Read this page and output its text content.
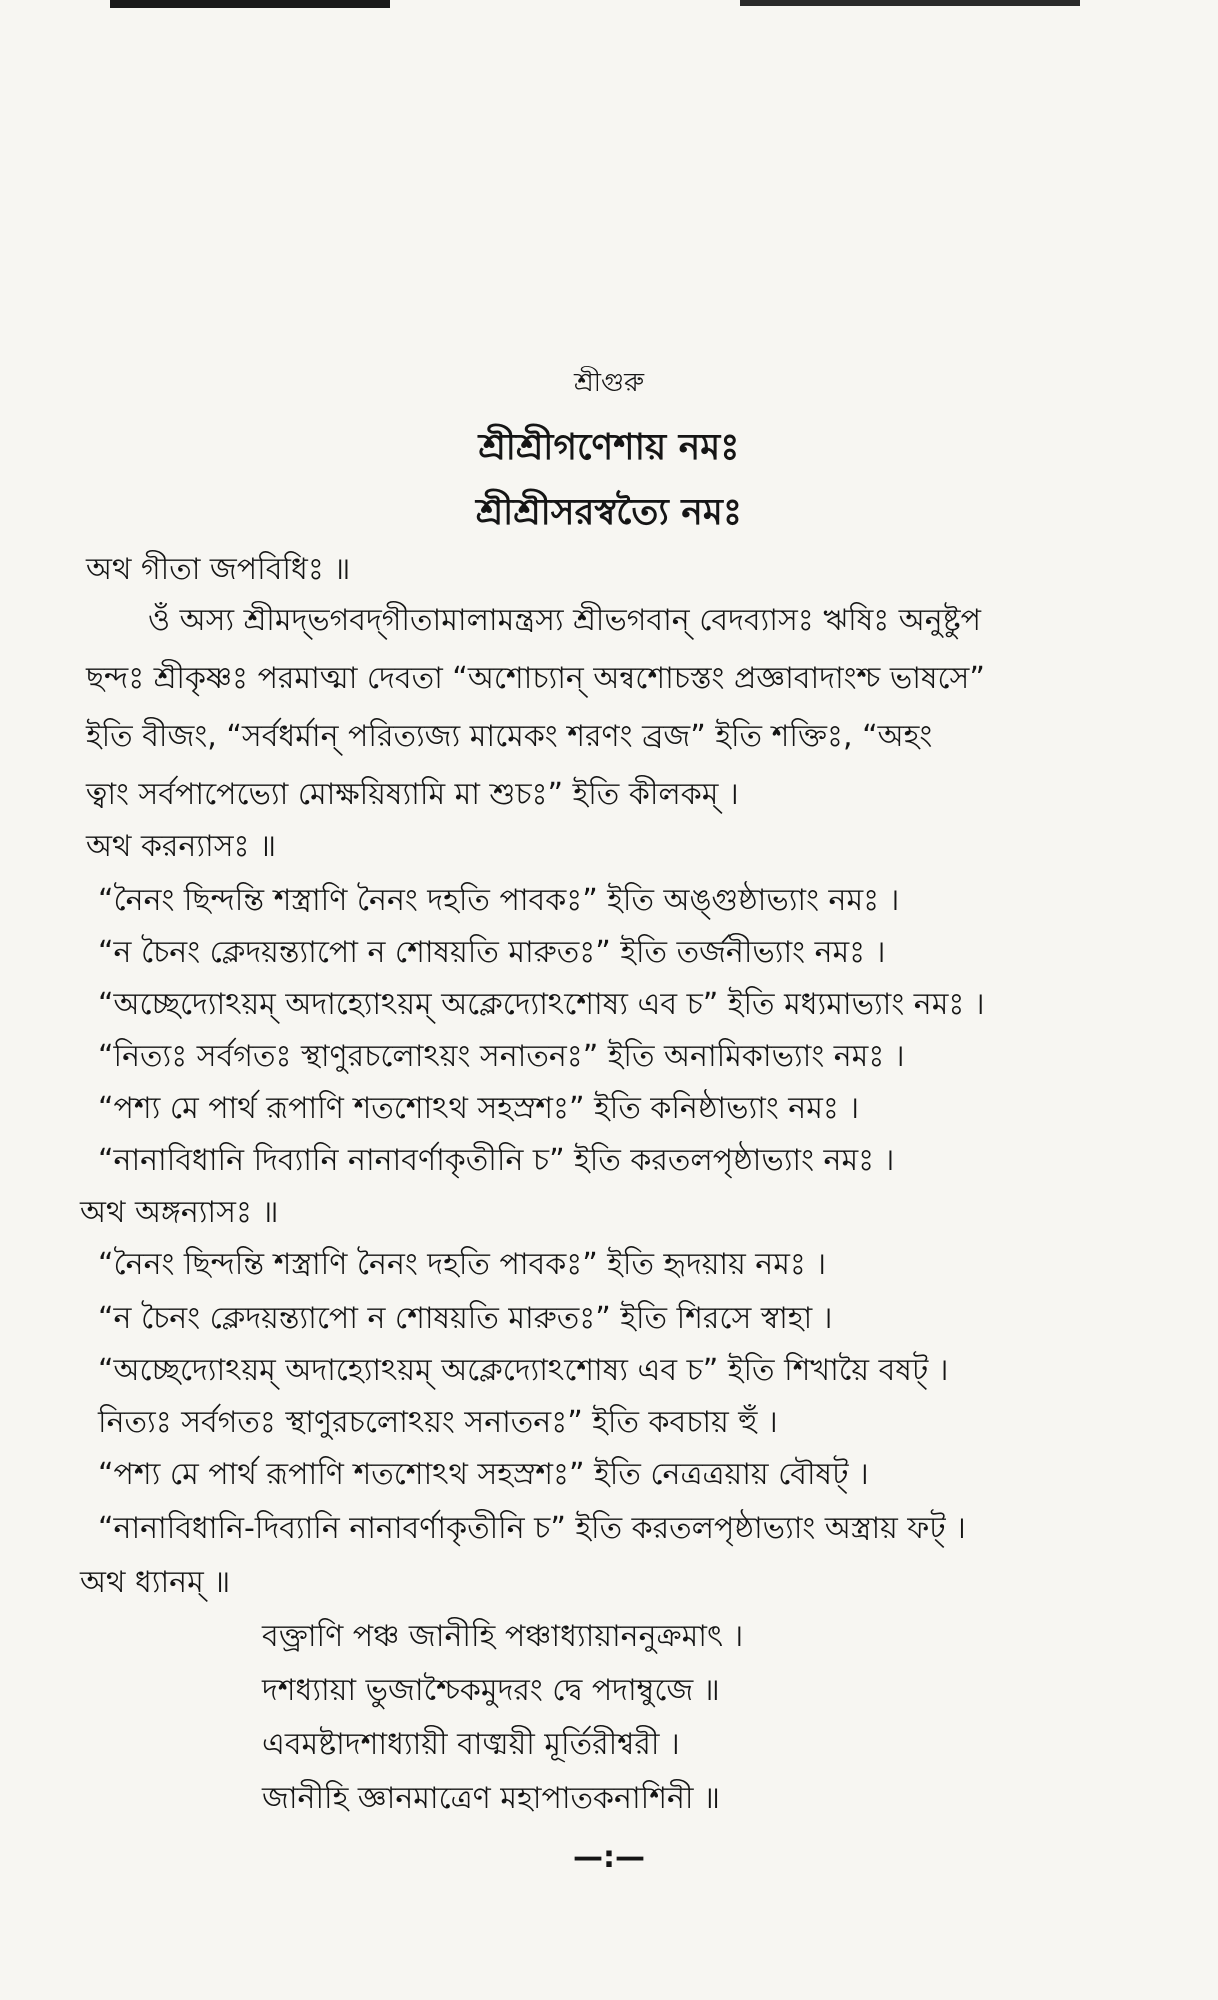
শ্রীগুরু
শ্রীশ্রীগণেশায় নমঃ
শ্রীশ্রীসরস্বত্যৈ নমঃ
অথ গীতা জপবিধিঃ ॥
ওঁ অস্য শ্রীমদ্‌ভগবদ্‌গীতামালামন্ত্রস্য শ্রীভগবান্ বেদব্যাসঃ ঋষিঃ অনুষ্টুপ
ছন্দঃ শ্রীকৃষ্ণঃ পরমাত্মা দেবতা “অশোচ্যান্ অন্বশোচস্তং প্রজ্ঞাবাদাংশ্চ ভাষসে”
ইতি বীজং, “সর্বধর্মান্ পরিত্যজ্য মামেকং শরণং ব্রজ” ইতি শক্তিঃ, “অহং
ত্বাং সর্বপাপেভ্যো মোক্ষয়িষ্যামি মা শুচঃ” ইতি কীলকম্ ।
অথ করন্যাসঃ ॥
“নৈনং ছিন্দন্তি শস্ত্রাণি নৈনং দহতি পাবকঃ” ইতি অঙ্গুষ্ঠাভ্যাং নমঃ ।
“ন চৈনং ক্লেদয়ন্ত্যাপো ন শোষয়তি মারুতঃ” ইতি তর্জনীভ্যাং নমঃ ।
“অচ্ছেদ্যোঽয়ম্ অদাহ্যোঽয়ম্ অক্লেদ্যোঽশোষ্য এব চ” ইতি মধ্যমাভ্যাং নমঃ ।
“নিত্যঃ সর্বগতঃ স্থাণুরচলোঽয়ং সনাতনঃ” ইতি অনামিকাভ্যাং নমঃ ।
“পশ্য মে পার্থ রূপাণি শতশোঽথ সহস্রশঃ” ইতি কনিষ্ঠাভ্যাং নমঃ ।
“নানাবিধানি দিব্যানি নানাবর্ণাকৃতীনি চ” ইতি করতলপৃষ্ঠাভ্যাং নমঃ ।
অথ অঙ্গন্যাসঃ ॥
“নৈনং ছিন্দন্তি শস্ত্রাণি নৈনং দহতি পাবকঃ” ইতি হৃদয়ায় নমঃ ।
“ন চৈনং ক্লেদয়ন্ত্যাপো ন শোষয়তি মারুতঃ” ইতি শিরসে স্বাহা ।
“অচ্ছেদ্যোঽয়ম্ অদাহ্যোঽয়ম্ অক্লেদ্যোঽশোষ্য এব চ” ইতি শিখায়ৈ বষট্ ।
নিত্যঃ সর্বগতঃ স্থাণুরচলোঽয়ং সনাতনঃ” ইতি কবচায় হুঁ ।
“পশ্য মে পার্থ রূপাণি শতশোঽথ সহস্রশঃ” ইতি নেত্রত্রয়ায় বৌষট্ ।
“নানাবিধানি-দিব্যানি নানাবর্ণাকৃতীনি চ” ইতি করতলপৃষ্ঠাভ্যাং অস্ত্রায় ফট্ ।
অথ ধ্যানম্ ॥
বক্ত্রাণি পঞ্চ জানীহি পঞ্চাধ্যায়াননুক্রমাৎ ।
দশধ্যায়া ভুজাশ্চৈকমুদরং দ্বে পদাম্বুজে ॥
এবমষ্টাদশাধ্যায়ী বাঙ্ময়ী মূর্তিরীশ্বরী ।
জানীহি জ্ঞানমাত্রেণ মহাপাতকনাশিনী ॥
—:—
